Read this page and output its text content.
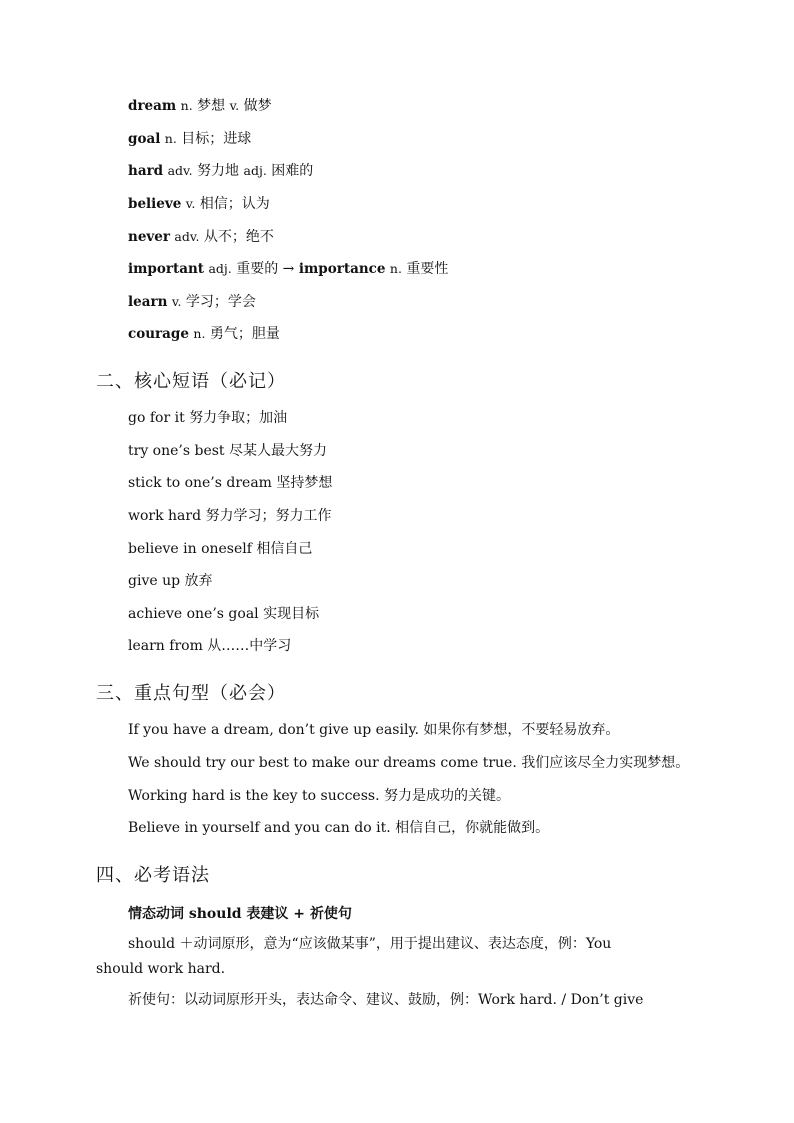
dream n. 梦想 v. 做梦
goal n. 目标；进球
hard adv. 努力地 adj. 困难的
believe v. 相信；认为
never adv. 从不；绝不
important adj. 重要的 → importance n. 重要性
learn v. 学习；学会
courage n. 勇气；胆量
二、核心短语（必记）
go for it 努力争取；加油
try one’s best 尽某人最大努力
stick to one’s dream 坚持梦想
work hard 努力学习；努力工作
believe in oneself 相信自己
give up 放弃
achieve one’s goal 实现目标
learn from 从……中学习
三、重点句型（必会）
If you have a dream, don’t give up easily. 如果你有梦想，不要轻易放弃。
We should try our best to make our dreams come true. 我们应该尽全力实现梦想。
Working hard is the key to success. 努力是成功的关键。
Believe in yourself and you can do it. 相信自己，你就能做到。
四、必考语法
情态动词 should 表建议 + 祈使句
should ＋动词原形，意为“应该做某事”，用于提出建议、表达态度，例：You
should work hard.
祈使句：以动词原形开头，表达命令、建议、鼓励，例：Work hard. / Don’t give
